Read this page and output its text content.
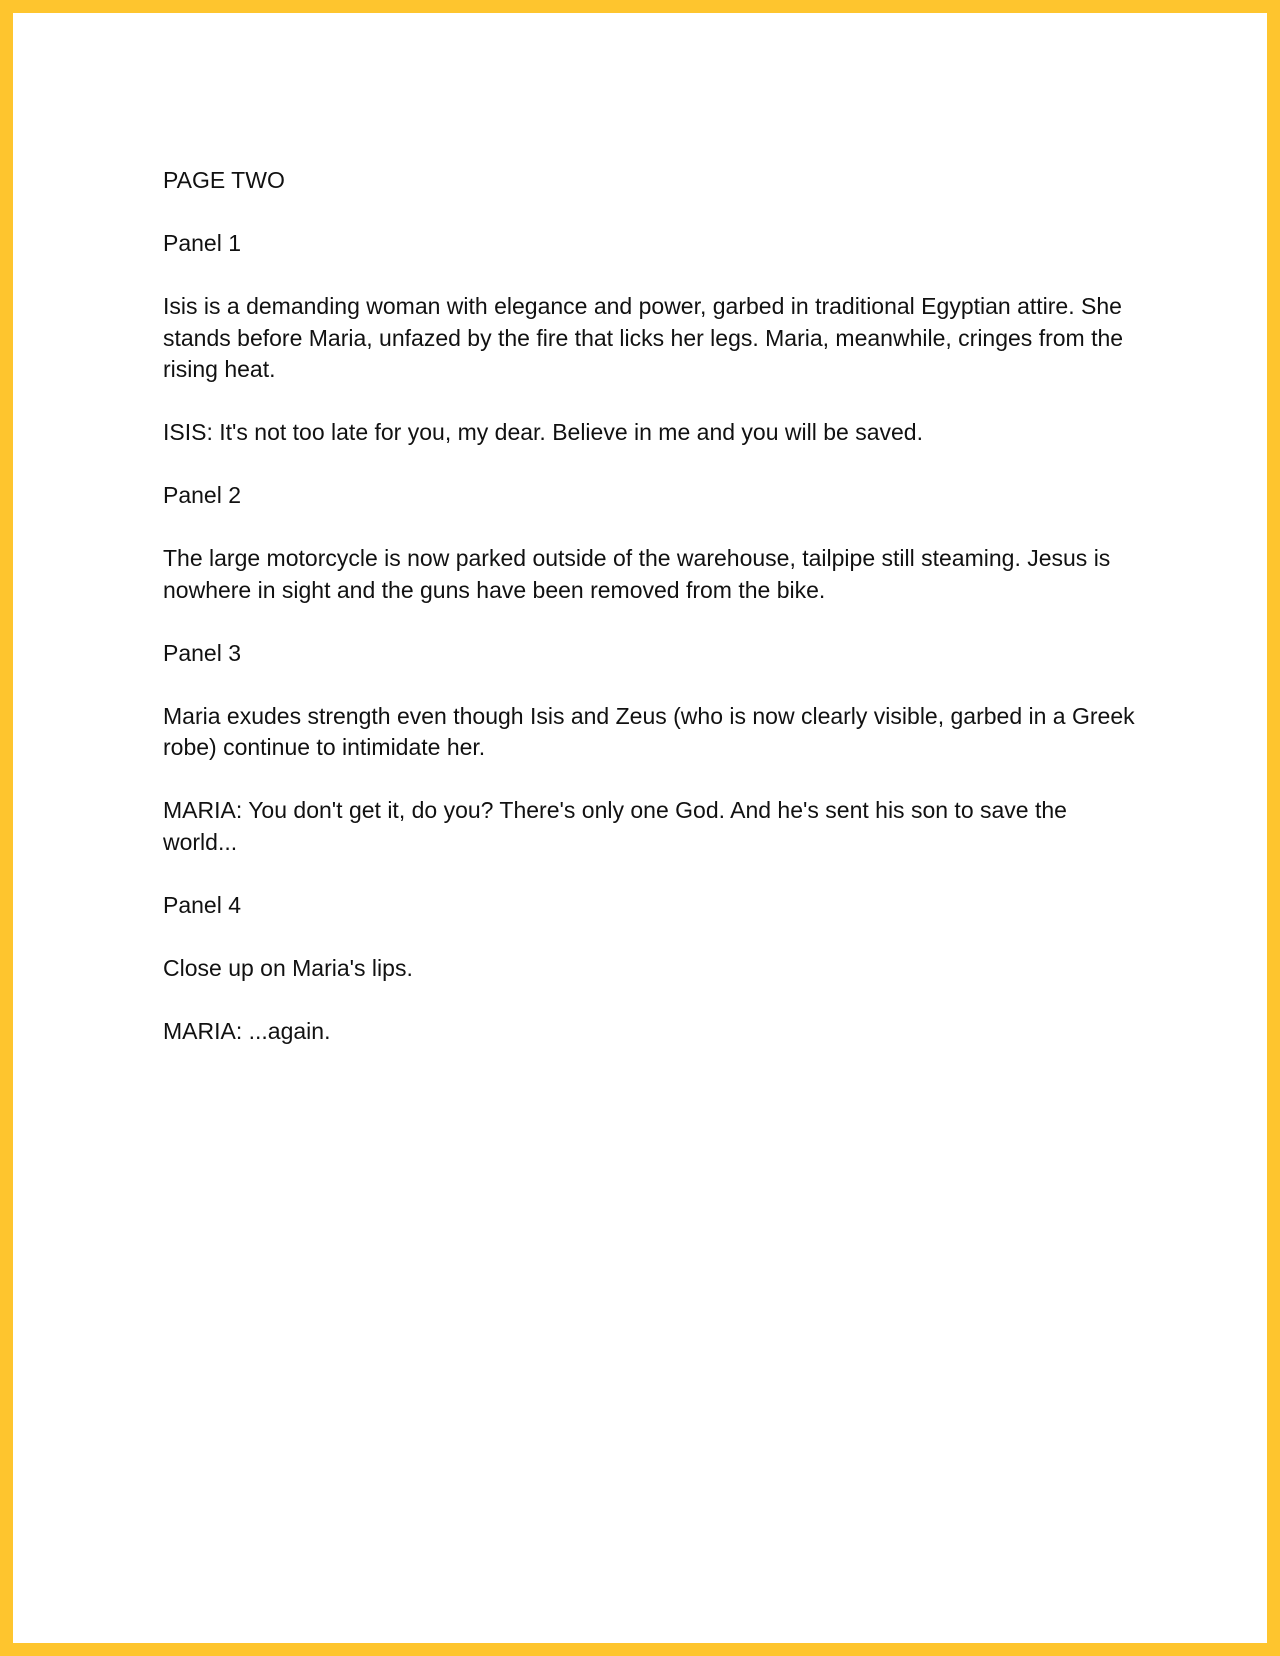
PAGE TWO

Panel 1

Isis is a demanding woman with elegance and power, garbed in traditional Egyptian attire. She stands before Maria, unfazed by the fire that licks her legs. Maria, meanwhile, cringes from the rising heat.

ISIS: It's not too late for you, my dear. Believe in me and you will be saved.

Panel 2

The large motorcycle is now parked outside of the warehouse, tailpipe still steaming. Jesus is nowhere in sight and the guns have been removed from the bike.

Panel 3

Maria exudes strength even though Isis and Zeus (who is now clearly visible, garbed in a Greek robe) continue to intimidate her.

MARIA: You don't get it, do you? There's only one God. And he's sent his son to save the world...

Panel 4

Close up on Maria's lips.

MARIA: ...again.
